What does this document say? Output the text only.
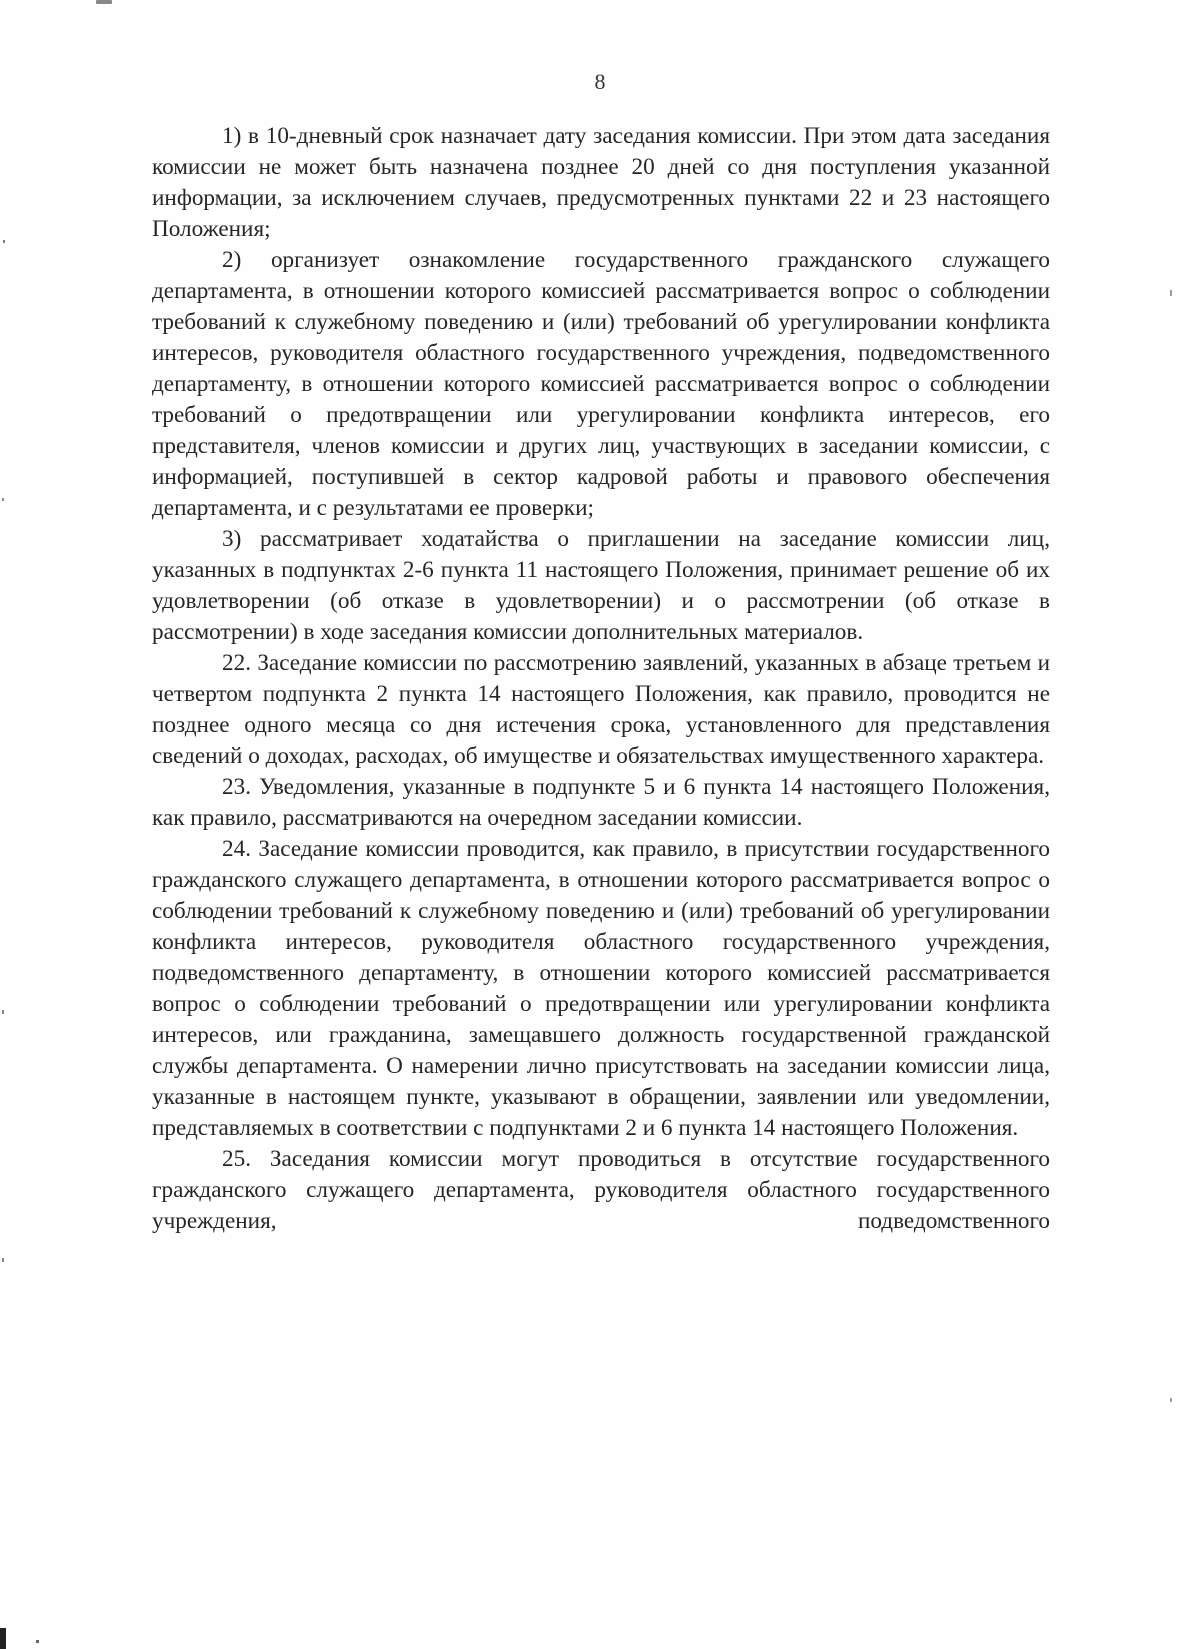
8

1) в 10-дневный срок назначает дату заседания комиссии. При этом дата заседания комиссии не может быть назначена позднее 20 дней со дня поступления указанной информации, за исключением случаев, предусмотренных пунктами 22 и 23 настоящего Положения;

2) организует ознакомление государственного гражданского служащего департамента, в отношении которого комиссией рассматривается вопрос о соблюдении требований к служебному поведению и (или) требований об урегулировании конфликта интересов, руководителя областного государственного учреждения, подведомственного департаменту, в отношении которого комиссией рассматривается вопрос о соблюдении требований о предотвращении или урегулировании конфликта интересов, его представителя, членов комиссии и других лиц, участвующих в заседании комиссии, с информацией, поступившей в сектор кадровой работы и правового обеспечения департамента, и с результатами ее проверки;

3) рассматривает ходатайства о приглашении на заседание комиссии лиц, указанных в подпунктах 2-6 пункта 11 настоящего Положения, принимает решение об их удовлетворении (об отказе в удовлетворении) и о рассмотрении (об отказе в рассмотрении) в ходе заседания комиссии дополнительных материалов.

22. Заседание комиссии по рассмотрению заявлений, указанных в абзаце третьем и четвертом подпункта 2 пункта 14 настоящего Положения, как правило, проводится не позднее одного месяца со дня истечения срока, установленного для представления сведений о доходах, расходах, об имуществе и обязательствах имущественного характера.

23. Уведомления, указанные в подпункте 5 и 6 пункта 14 настоящего Положения, как правило, рассматриваются на очередном заседании комиссии.

24. Заседание комиссии проводится, как правило, в присутствии государственного гражданского служащего департамента, в отношении которого рассматривается вопрос о соблюдении требований к служебному поведению и (или) требований об урегулировании конфликта интересов, руководителя областного государственного учреждения, подведомственного департаменту, в отношении которого комиссией рассматривается вопрос о соблюдении требований о предотвращении или урегулировании конфликта интересов, или гражданина, замещавшего должность государственной гражданской службы департамента. О намерении лично присутствовать на заседании комиссии лица, указанные в настоящем пункте, указывают в обращении, заявлении или уведомлении, представляемых в соответствии с подпунктами 2 и 6 пункта 14 настоящего Положения.

25. Заседания комиссии могут проводиться в отсутствие государственного гражданского служащего департамента, руководителя областного государственного учреждения, подведомственного
